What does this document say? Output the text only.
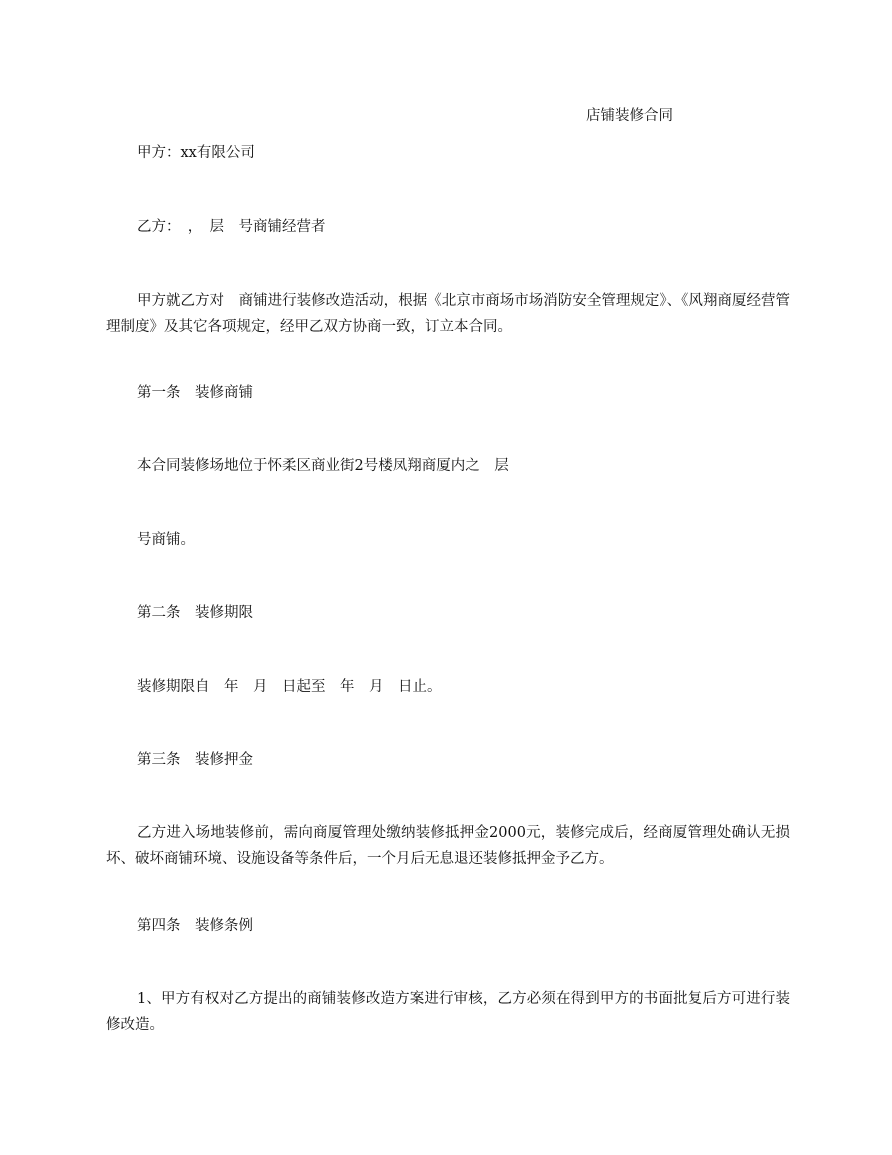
店铺装修合同

甲方：xx有限公司

乙方：　，　层　号商铺经营者

甲方就乙方对　商铺进行装修改造活动，根据《北京市商场市场消防安全管理规定》、《风翔商厦经营管理制度》及其它各项规定，经甲乙双方协商一致，订立本合同。

第一条　装修商铺

本合同装修场地位于怀柔区商业街2号楼凤翔商厦内之　层

号商铺。

第二条　装修期限

装修期限自　年　月　日起至　年　月　日止。

第三条　装修押金

乙方进入场地装修前，需向商厦管理处缴纳装修抵押金2000元，装修完成后，经商厦管理处确认无损坏、破坏商铺环境、设施设备等条件后，一个月后无息退还装修抵押金予乙方。

第四条　装修条例

1、甲方有权对乙方提出的商铺装修改造方案进行审核，乙方必须在得到甲方的书面批复后方可进行装修改造。
